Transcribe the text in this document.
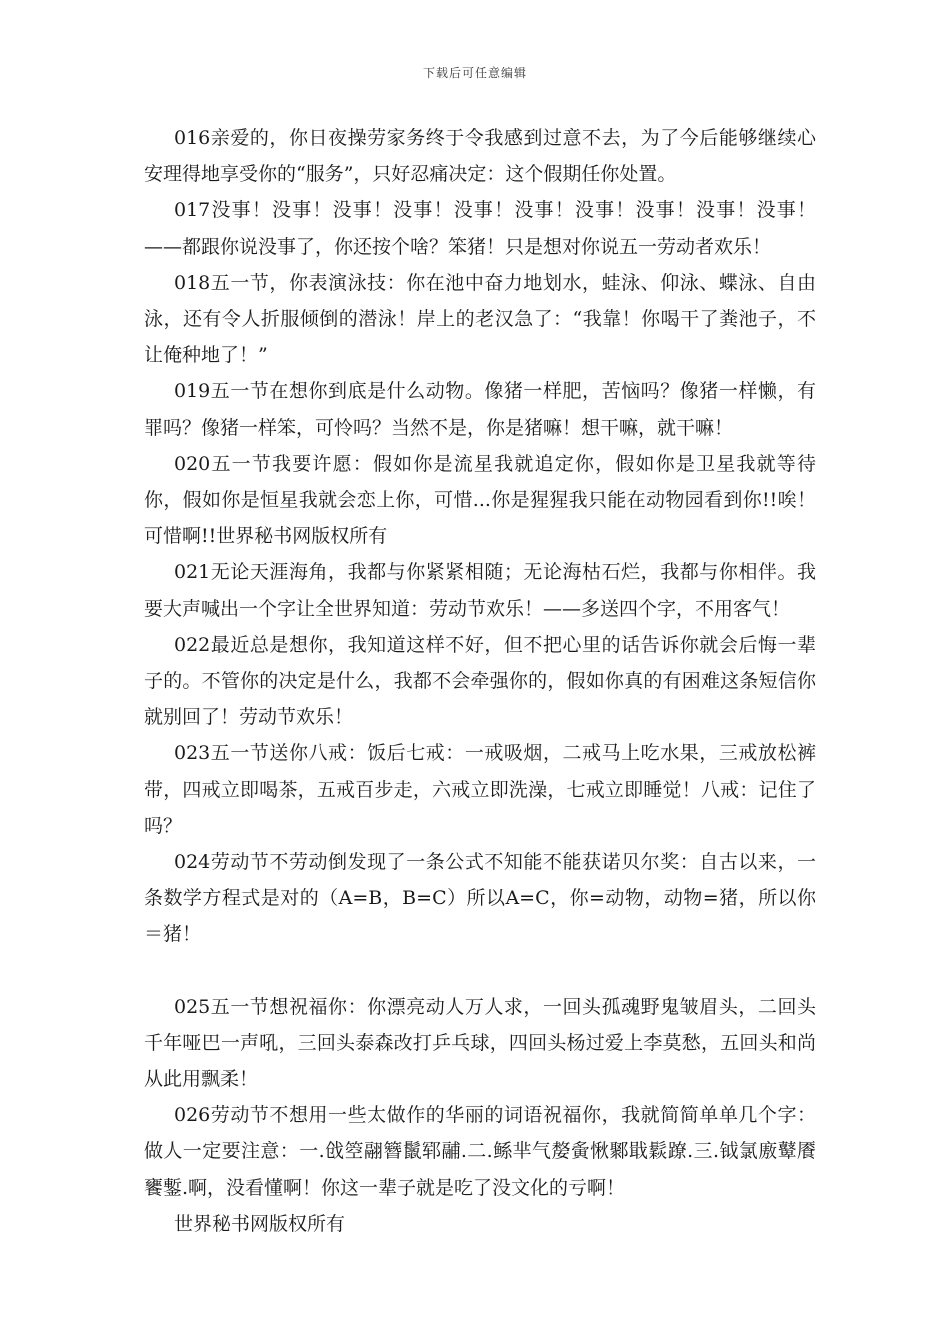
下载后可任意编辑

016亲爱的，你日夜操劳家务终于令我感到过意不去，为了今后能够继续心安理得地享受你的“服务”，只好忍痛决定：这个假期任你处置。

017没事！没事！没事！没事！没事！没事！没事！没事！没事！没事！——都跟你说没事了，你还按个啥？笨猪！只是想对你说五一劳动者欢乐！

018五一节，你表演泳技：你在池中奋力地划水，蛙泳、仰泳、蝶泳、自由泳，还有令人折服倾倒的潜泳！岸上的老汉急了：“我靠！你喝干了粪池子，不让俺种地了！”

019五一节在想你到底是什么动物。像猪一样肥，苦恼吗？像猪一样懒，有罪吗？像猪一样笨，可怜吗？当然不是，你是猪嘛！想干嘛，就干嘛！

020五一节我要许愿：假如你是流星我就追定你，假如你是卫星我就等待你，假如你是恒星我就会恋上你，可惜...你是猩猩我只能在动物园看到你!!唉！可惜啊!!世界秘书网版权所有

021无论天涯海角，我都与你紧紧相随；无论海枯石烂，我都与你相伴。我要大声喊出一个字让全世界知道：劳动节欢乐！——多送四个字，不用客气！

022最近总是想你，我知道这样不好，但不把心里的话告诉你就会后悔一辈子的。不管你的决定是什么，我都不会牵强你的，假如你真的有困难这条短信你就别回了！劳动节欢乐！

023五一节送你八戒：饭后七戒：一戒吸烟，二戒马上吃水果，三戒放松裤带，四戒立即喝茶，五戒百步走，六戒立即洗澡，七戒立即睡觉！八戒：记住了吗？

024劳动节不劳动倒发现了一条公式不知能不能获诺贝尔奖：自古以来，一条数学方程式是对的（A=B，B=C）所以A=C，你=动物，动物=猪，所以你＝猪！

025五一节想祝福你：你漂亮动人万人求，一回头孤魂野鬼皱眉头，二回头千年哑巴一声吼，三回头泰森改打乒乓球，四回头杨过爱上李莫愁，五回头和尚从此用飘柔！

026劳动节不想用一些太做作的华丽的词语祝福你，我就简简单单几个字：做人一定要注意：一.戗箜翮簪鬛郓鬴.二.鲧芈气嫠夤愀鄹戢鬏蹽.三.钺氯廒鼙餍饔鏨.啊，没看懂啊！你这一辈子就是吃了没文化的亏啊！

世界秘书网版权所有
